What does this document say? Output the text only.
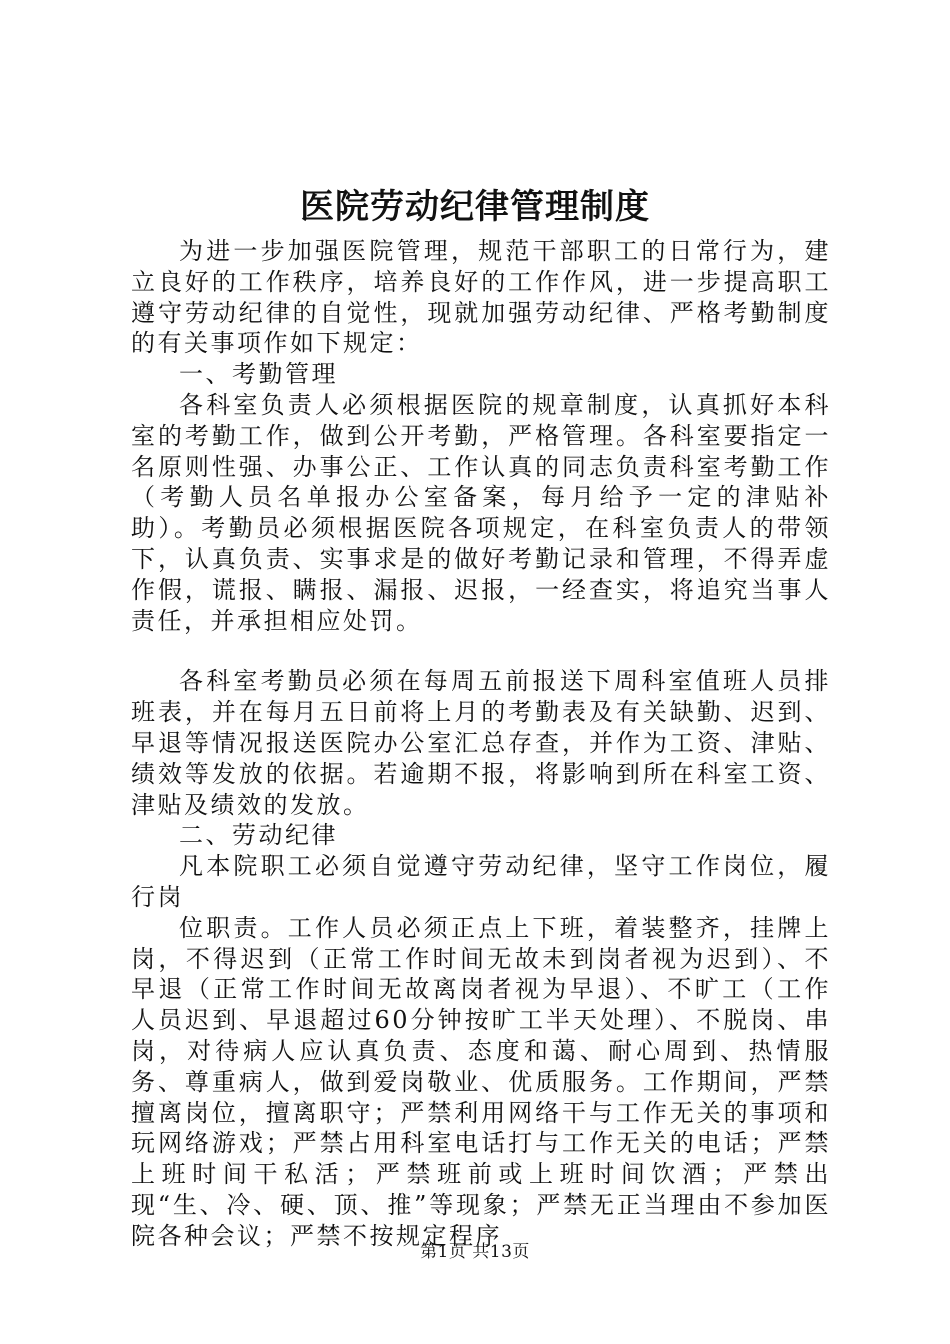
医院劳动纪律管理制度

为进一步加强医院管理，规范干部职工的日常行为，建立良好的工作秩序，培养良好的工作作风，进一步提高职工遵守劳动纪律的自觉性，现就加强劳动纪律、严格考勤制度的有关事项作如下规定：

一、考勤管理

各科室负责人必须根据医院的规章制度，认真抓好本科室的考勤工作，做到公开考勤，严格管理。各科室要指定一名原则性强、办事公正、工作认真的同志负责科室考勤工作（考勤人员名单报办公室备案，每月给予一定的津贴补助）。考勤员必须根据医院各项规定，在科室负责人的带领下，认真负责、实事求是的做好考勤记录和管理，不得弄虚作假，谎报、瞒报、漏报、迟报，一经查实，将追究当事人责任，并承担相应处罚。

各科室考勤员必须在每周五前报送下周科室值班人员排班表，并在每月五日前将上月的考勤表及有关缺勤、迟到、早退等情况报送医院办公室汇总存查，并作为工资、津贴、绩效等发放的依据。若逾期不报，将影响到所在科室工资、津贴及绩效的发放。

二、劳动纪律

凡本院职工必须自觉遵守劳动纪律，坚守工作岗位，履行岗

位职责。工作人员必须正点上下班，着装整齐，挂牌上岗，不得迟到（正常工作时间无故未到岗者视为迟到）、不早退（正常工作时间无故离岗者视为早退）、不旷工（工作人员迟到、早退超过60分钟按旷工半天处理）、不脱岗、串岗，对待病人应认真负责、态度和蔼、耐心周到、热情服务、尊重病人，做到爱岗敬业、优质服务。工作期间，严禁擅离岗位，擅离职守；严禁利用网络干与工作无关的事项和玩网络游戏；严禁占用科室电话打与工作无关的电话；严禁上班时间干私活；严禁班前或上班时间饮酒；严禁出现“生、冷、硬、顶、推”等现象；严禁无正当理由不参加医院各种会议；严禁不按规定程序

第1页 共13页
